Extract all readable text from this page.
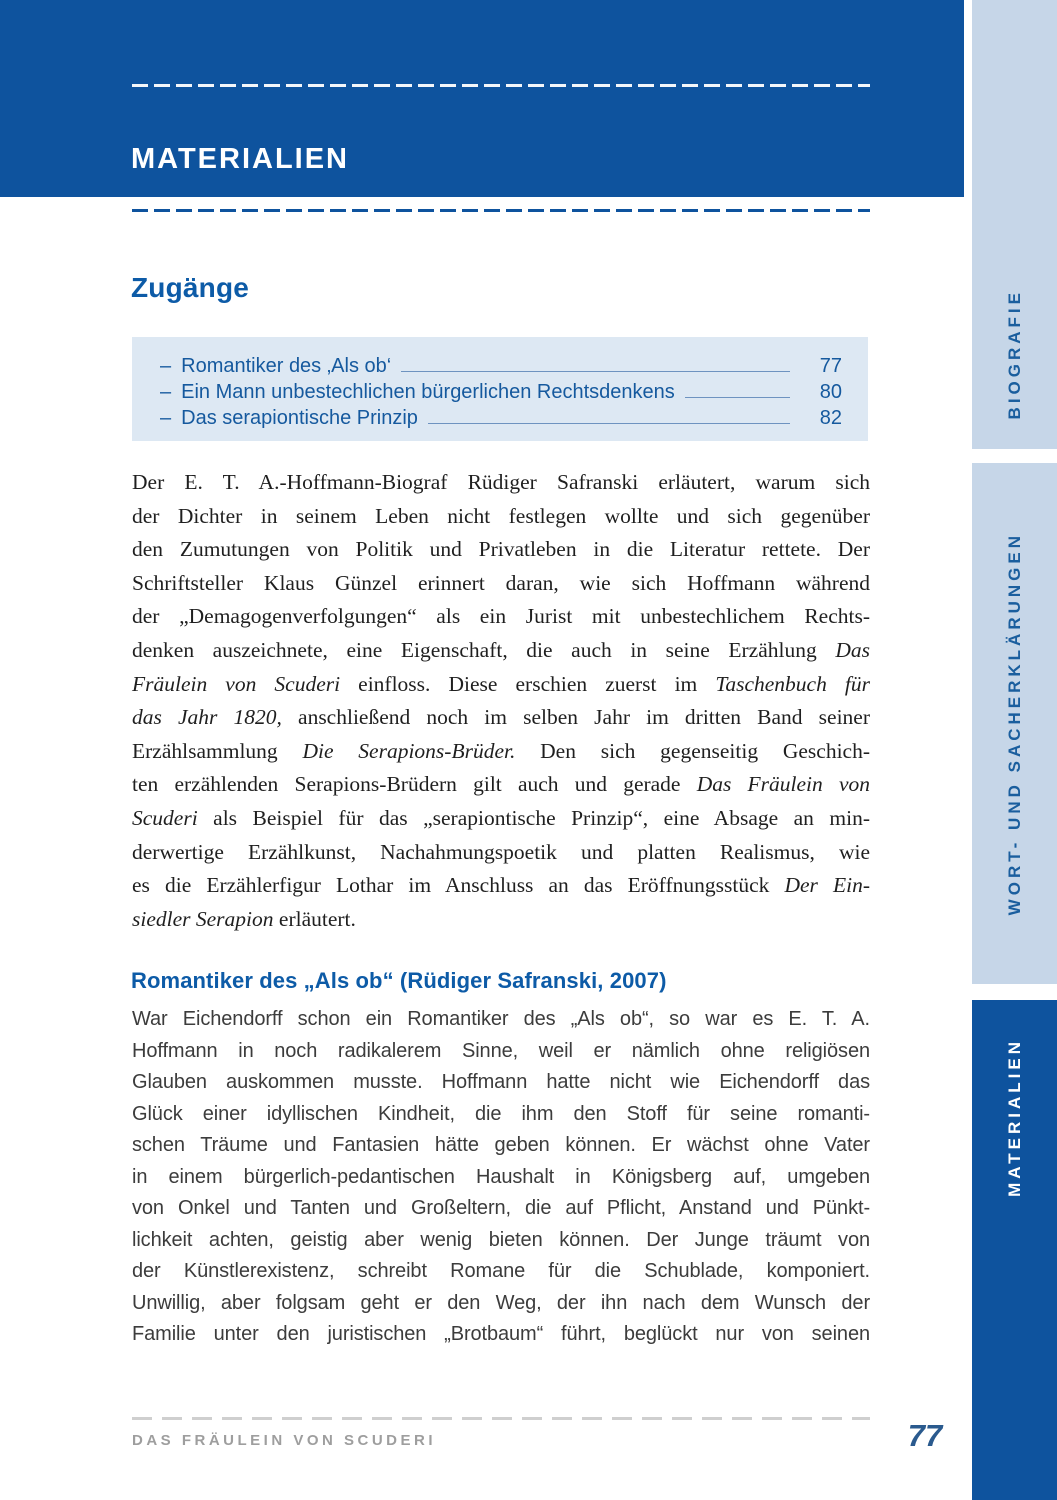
MATERIALIEN
Zugänge
– Romantiker des ‚Als ob‘	77
– Ein Mann unbestechlichen bürgerlichen Rechtsdenkens	80
– Das serapiontische Prinzip	82
Der E. T. A.-Hoffmann-Biograf Rüdiger Safranski erläutert, warum sich
der Dichter in seinem Leben nicht festlegen wollte und sich gegenüber
den Zumutungen von Politik und Privatleben in die Literatur rettete. Der
Schriftsteller Klaus Günzel erinnert daran, wie sich Hoffmann während
der „Demagogenverfolgungen“ als ein Jurist mit unbestechlichem Rechts-
denken auszeichnete, eine Eigenschaft, die auch in seine Erzählung Das
Fräulein von Scuderi einfloss. Diese erschien zuerst im Taschenbuch für
das Jahr 1820, anschließend noch im selben Jahr im dritten Band seiner
Erzählsammlung Die Serapions-Brüder. Den sich gegenseitig Geschich-
ten erzählenden Serapions-Brüdern gilt auch und gerade Das Fräulein von
Scuderi als Beispiel für das „serapiontische Prinzip“, eine Absage an min-
derwertige Erzählkunst, Nachahmungspoetik und platten Realismus, wie
es die Erzählerfigur Lothar im Anschluss an das Eröffnungsstück Der Ein-
siedler Serapion erläutert.
Romantiker des „Als ob“ (Rüdiger Safranski, 2007)
War Eichendorff schon ein Romantiker des „Als ob“, so war es E. T. A.
Hoffmann in noch radikalerem Sinne, weil er nämlich ohne religiösen
Glauben auskommen musste. Hoffmann hatte nicht wie Eichendorff das
Glück einer idyllischen Kindheit, die ihm den Stoff für seine romanti-
schen Träume und Fantasien hätte geben können. Er wächst ohne Vater
in einem bürgerlich-pedantischen Haushalt in Königsberg auf, umgeben
von Onkel und Tanten und Großeltern, die auf Pflicht, Anstand und Pünkt-
lichkeit achten, geistig aber wenig bieten können. Der Junge träumt von
der Künstlerexistenz, schreibt Romane für die Schublade, komponiert.
Unwillig, aber folgsam geht er den Weg, der ihn nach dem Wunsch der
Familie unter den juristischen „Brotbaum“ führt, beglückt nur von seinen
BIOGRAFIE
WORT- UND SACHERKLÄRUNGEN
MATERIALIEN
DAS FRÄULEIN VON SCUDERI	77
